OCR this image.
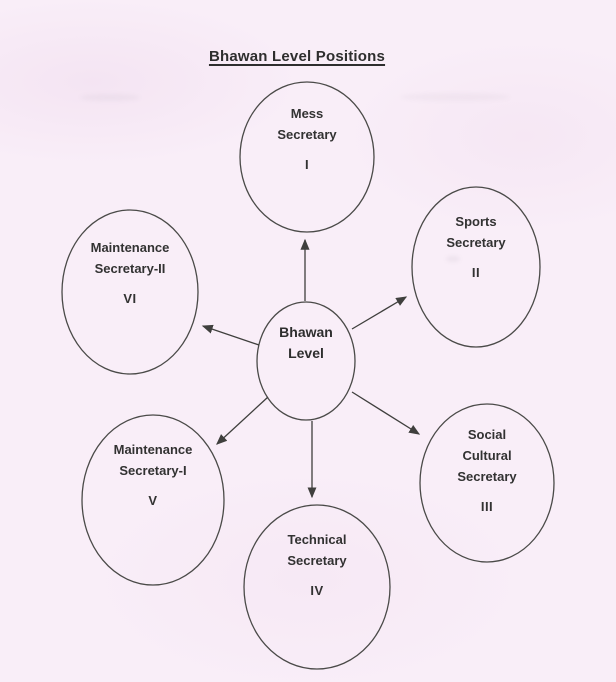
Bhawan Level Positions
Mess
Secretary
I
Sports
Secretary
II
Maintenance
Secretary-II
VI
Bhawan
Level
Social
Cultural
Secretary
III
Maintenance
Secretary-I
V
Technical
Secretary
IV
